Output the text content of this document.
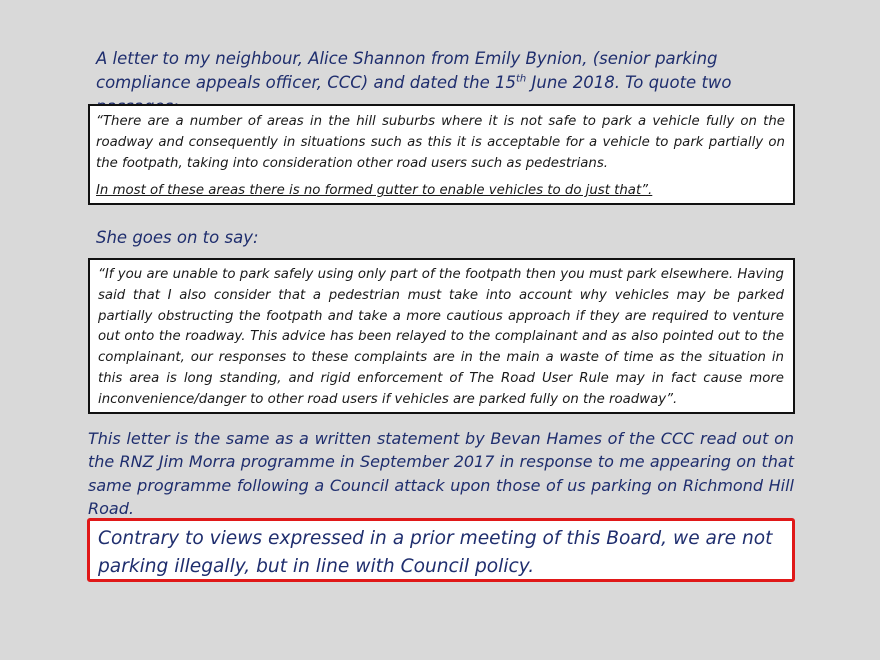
A letter to my neighbour, Alice Shannon from Emily Bynion, (senior parking compliance appeals officer, CCC) and dated the 15th June 2018. To quote two

“There are a number of areas in the hill suburbs where it is not safe to park a vehicle fully on the roadway and consequently in situations such as this it is acceptable for a vehicle to park partially on the footpath, taking into consideration other road users such as pedestrians.

In most of these areas there is no formed gutter to enable vehicles to do just that”.

She goes on to say:

“If you are unable to park safely using only part of the footpath then you must park elsewhere. Having said that I also consider that a pedestrian must take into account why vehicles may be parked partially obstructing the footpath and take a more cautious approach if they are required to venture out onto the roadway. This advice has been relayed to the complainant and as also pointed out to the complainant, our responses to these complaints are in the main a waste of time as the situation in this area is long standing, and rigid enforcement of The Road User Rule may in fact cause more inconvenience/danger to other road users if vehicles are parked fully on the roadway”.

This letter is the same as a written statement by Bevan Hames of the CCC read out on the RNZ Jim Morra programme in September 2017 in response to me appearing on that same programme following a Council attack upon those of us parking on Richmond Hill Road.

Contrary to views expressed in a prior meeting of this Board, we are not parking illegally, but in line with Council policy.
